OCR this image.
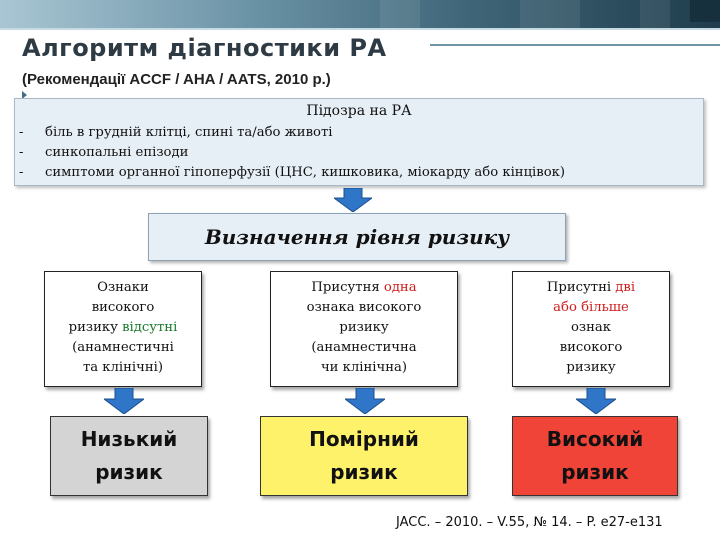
Алгоритм діагностики РА
(Рекомендації ACCF / AHA / AATS, 2010 р.)
Підозра на РА
- біль в грудній клітці, спині та/або животі
- синкопальні епізоди
- симптоми органної гіпоперфузії (ЦНС, кишковика, міокарду або кінцівок)
Визначення рівня ризику
Ознаки
високого
ризику відсутні
(анамнестичні
та клінічні)
Присутня одна
ознака високого
ризику
(анамнестична
чи клінічна)
Присутні дві
або більше
ознак
високого
ризику
Низький
ризик
Помірний
ризик
Високий
ризик
JACC. – 2010. – V.55, № 14. – P. e27-e131
